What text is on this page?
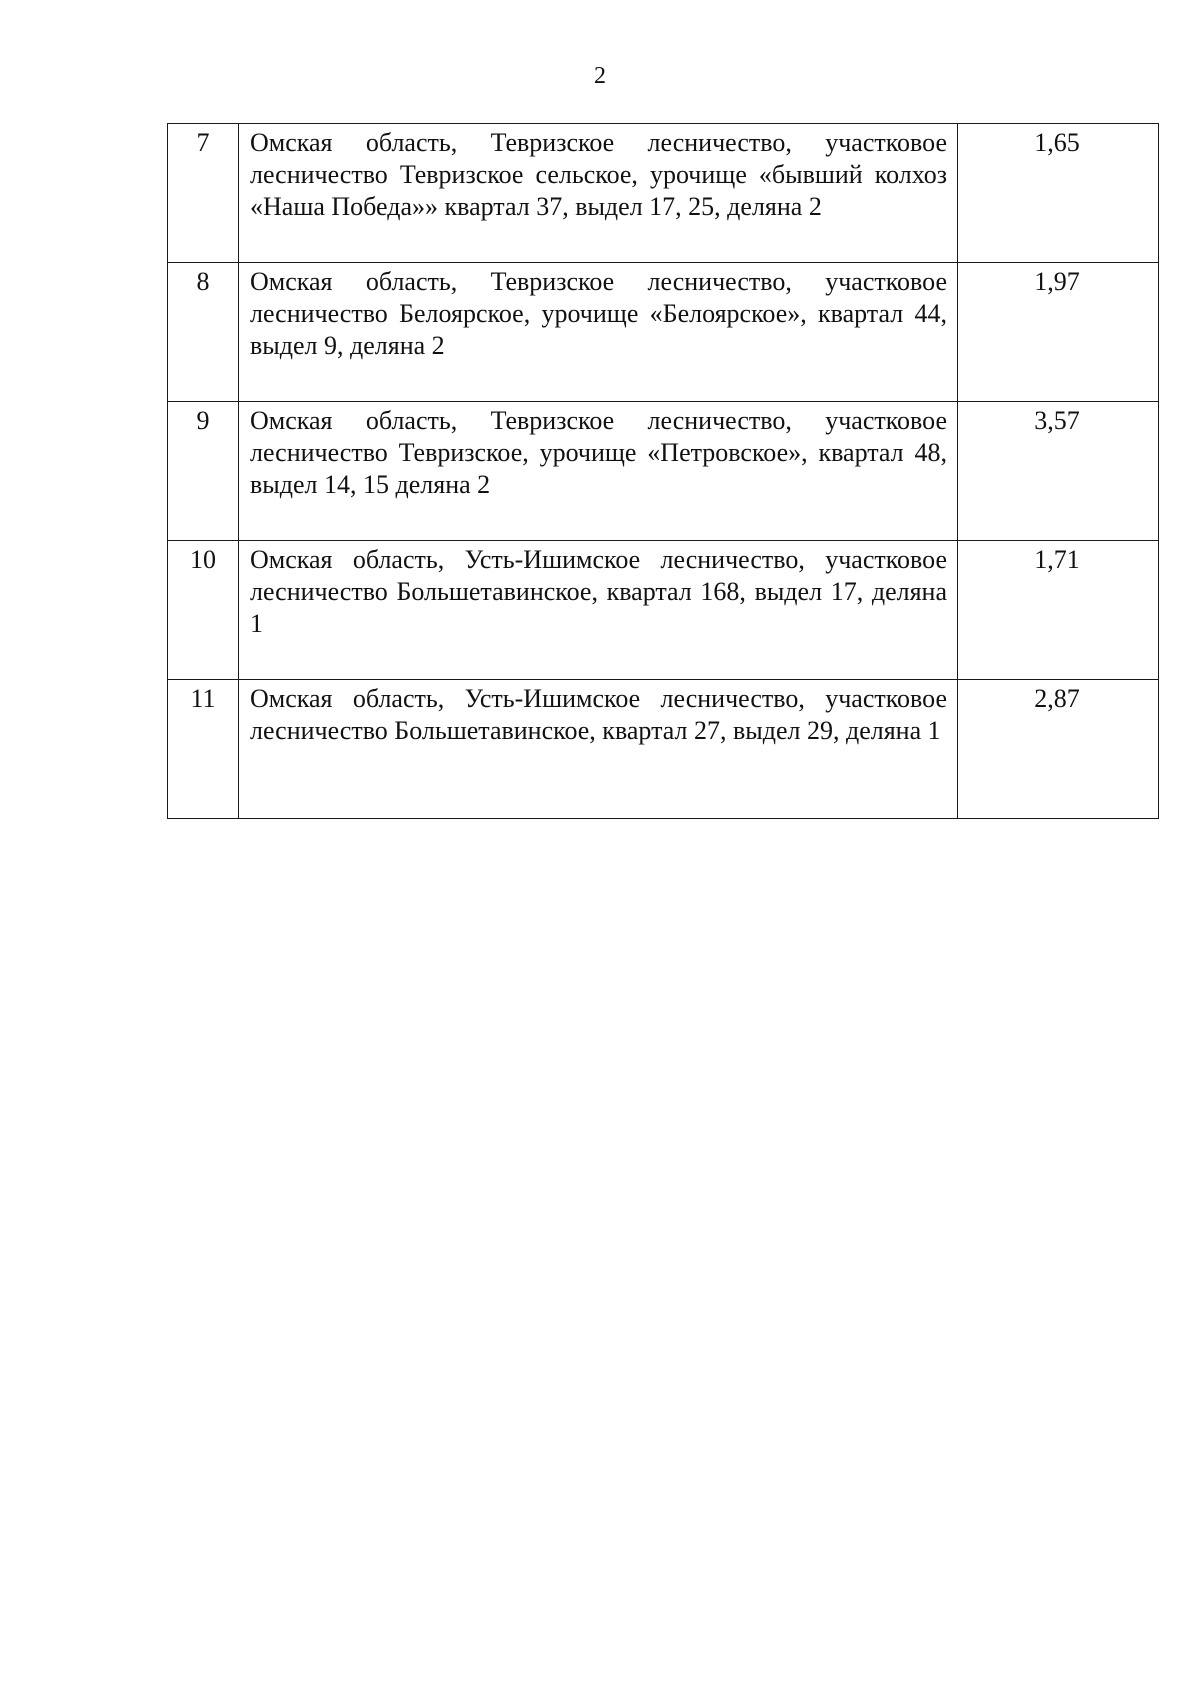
2
7	Омская область, Тевризское лесничество, участковое лесничество Тевризское сельское, урочище «бывший колхоз «Наша Победа»» квартал 37, выдел 17, 25, деляна 2	1,65
8	Омская область, Тевризское лесничество, участковое лесничество Белоярское, урочище «Белоярское», квартал 44, выдел 9, деляна 2	1,97
9	Омская область, Тевризское лесничество, участковое лесничество Тевризское, урочище «Петровское», квартал 48, выдел 14, 15 деляна 2	3,57
10	Омская область, Усть-Ишимское лесничество, участковое лесничество Большетавинское, квартал 168, выдел 17, деляна 1	1,71
11	Омская область, Усть-Ишимское лесничество, участковое лесничество Большетавинское, квартал 27, выдел 29, деляна 1	2,87
